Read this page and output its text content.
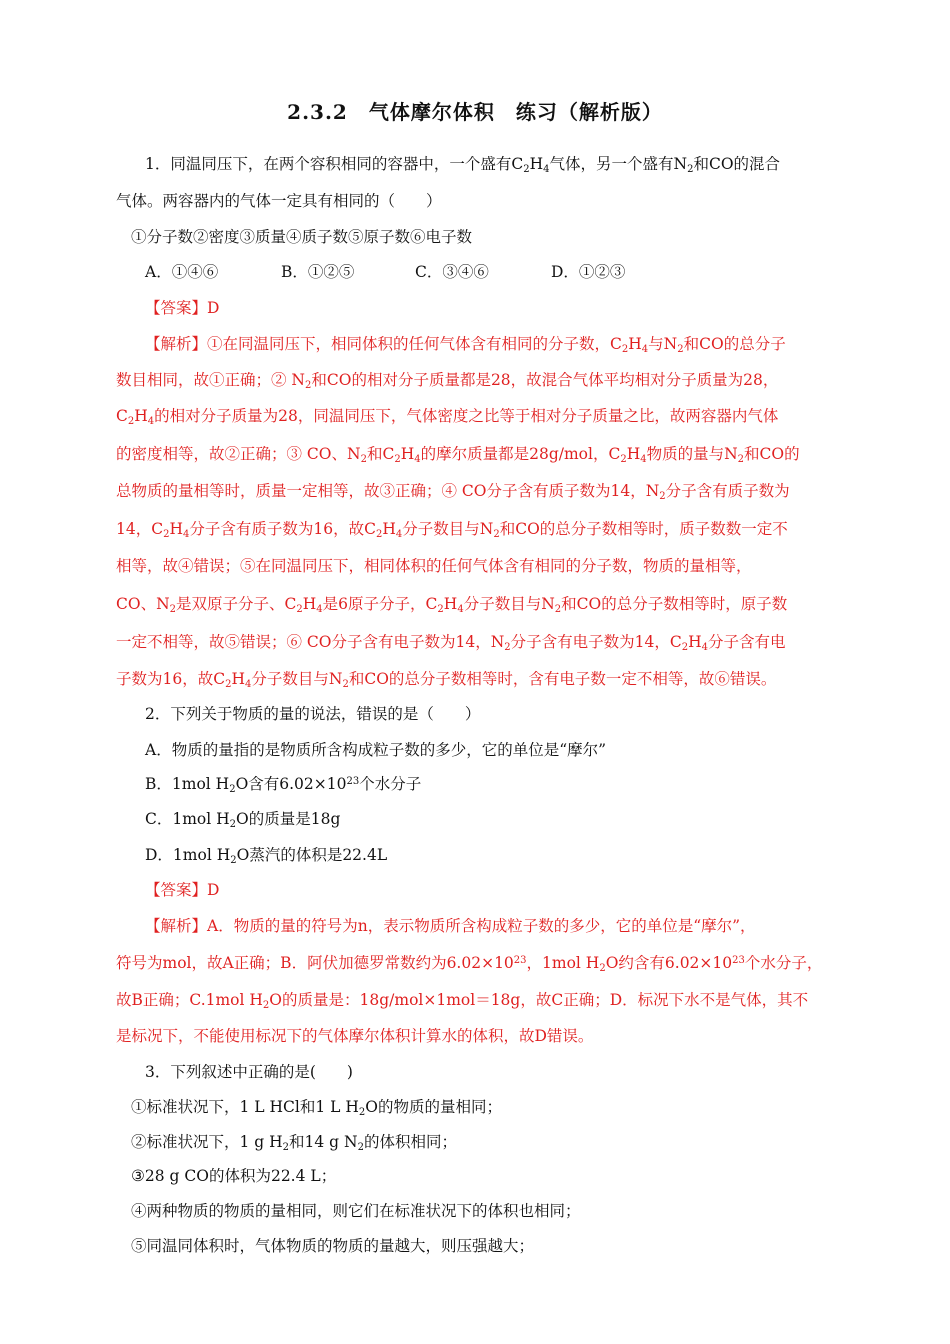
2.3.2　气体摩尔体积　练习（解析版）
1．同温同压下，在两个容积相同的容器中，一个盛有$C_2H_4$气体，另一个盛有$N_2$和CO的混合
气体。两容器内的气体一定具有相同的（　　）
①分子数②密度③质量④质子数⑤原子数⑥电子数
A．①④⑥	B．①②⑤	C．③④⑥	D．①②③
【答案】D
【解析】①在同温同压下，相同体积的任何气体含有相同的分子数，$C_2H_4$与$N_2$和CO的总分子
数目相同，故①正确；② $N_2$和CO的相对分子质量都是28，故混合气体平均相对分子质量为28，
$C_2H_4$的相对分子质量为28，同温同压下，气体密度之比等于相对分子质量之比，故两容器内气体
的密度相等，故②正确；③ CO、$N_2$和$C_2H_4$的摩尔质量都是28g/mol，$C_2H_4$物质的量与$N_2$和CO的
总物质的量相等时，质量一定相等，故③正确；④ CO分子含有质子数为14，$N_2$分子含有质子数为
14，$C_2H_4$分子含有质子数为16，故$C_2H_4$分子数目与$N_2$和CO的总分子数相等时，质子数数一定不
相等，故④错误；⑤在同温同压下，相同体积的任何气体含有相同的分子数，物质的量相等，
CO、$N_2$是双原子分子、$C_2H_4$是6原子分子，$C_2H_4$分子数目与$N_2$和CO的总分子数相等时，原子数
一定不相等，故⑤错误；⑥ CO分子含有电子数为14，$N_2$分子含有电子数为14，$C_2H_4$分子含有电
子数为16，故$C_2H_4$分子数目与$N_2$和CO的总分子数相等时，含有电子数一定不相等，故⑥错误。
2．下列关于物质的量的说法，错误的是（　　）
A．物质的量指的是物质所含构成粒子数的多少，它的单位是“摩尔”
B．1mol $H_2O$含有$6.02\times 10^{23}$个水分子
C．1mol $H_2O$的质量是18g
D．1mol $H_2O$蒸汽的体积是22.4L
【答案】D
【解析】A．物质的量的符号为n，表示物质所含构成粒子数的多少，它的单位是“摩尔”，
符号为mol，故A正确；B．阿伏加德罗常数约为$6.02\times 10^{23}$，1mol $H_2O$约含有$6.02\times 10^{23}$个水分子，
故B正确；C.1mol $H_2O$的质量是：18g/mol×1mol＝18g，故C正确；D．标况下水不是气体，其不
是标况下，不能使用标况下的气体摩尔体积计算水的体积，故D错误。
3．下列叙述中正确的是(　　)
①标准状况下，1 L HCl和1 L $H_2O$的物质的量相同；
②标准状况下，1 g $H_2$和14 g $N_2$的体积相同；
③28 g CO的体积为22.4 L；
④两种物质的物质的量相同，则它们在标准状况下的体积也相同；
⑤同温同体积时，气体物质的物质的量越大，则压强越大；
